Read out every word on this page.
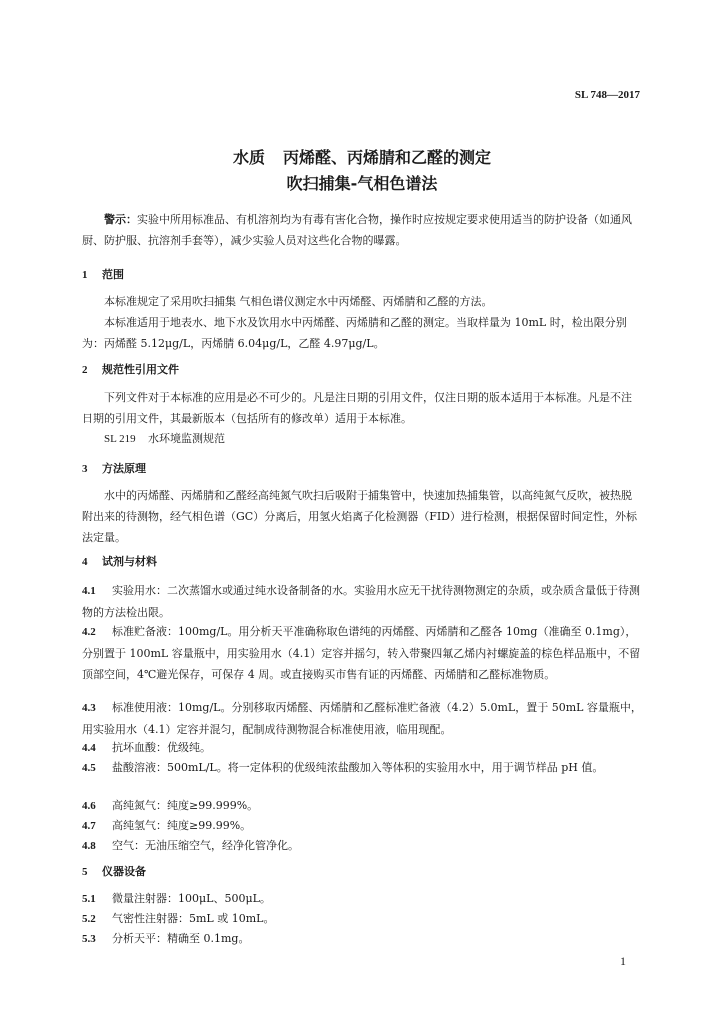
SL 748—2017
水质 丙烯醛、丙烯腈和乙醛的测定
吹扫捕集-气相色谱法
警示：实验中所用标准品、有机溶剂均为有毒有害化合物，操作时应按规定要求使用适当的防护设备（如通风厨、防护服、抗溶剂手套等），减少实验人员对这些化合物的曝露。
1 范围
本标准规定了采用吹扫捕集 气相色谱仪测定水中丙烯醛、丙烯腈和乙醛的方法。
本标准适用于地表水、地下水及饮用水中丙烯醛、丙烯腈和乙醛的测定。当取样量为 10mL 时，检出限分别为：丙烯醛 5.12μg/L，丙烯腈 6.04μg/L，乙醛 4.97μg/L。
2 规范性引用文件
下列文件对于本标准的应用是必不可少的。凡是注日期的引用文件，仅注日期的版本适用于本标准。凡是不注日期的引用文件，其最新版本（包括所有的修改单）适用于本标准。
SL 219 水环境监测规范
3 方法原理
水中的丙烯醛、丙烯腈和乙醛经高纯氮气吹扫后吸附于捕集管中，快速加热捕集管，以高纯氮气反吹，被热脱附出来的待测物，经气相色谱（GC）分离后，用氢火焰离子化检测器（FID）进行检测，根据保留时间定性，外标法定量。
4 试剂与材料
4.1 实验用水：二次蒸馏水或通过纯水设备制备的水。实验用水应无干扰待测物测定的杂质，或杂质含量低于待测物的方法检出限。
4.2 标准贮备液：100mg/L。用分析天平准确称取色谱纯的丙烯醛、丙烯腈和乙醛各 10mg（准确至 0.1mg），分别置于 100mL 容量瓶中，用实验用水（4.1）定容并摇匀，转入带聚四氟乙烯内衬螺旋盖的棕色样品瓶中，不留顶部空间，4℃避光保存，可保存 4 周。或直接购买市售有证的丙烯醛、丙烯腈和乙醛标准物质。
4.3 标准使用液：10mg/L。分别移取丙烯醛、丙烯腈和乙醛标准贮备液（4.2）5.0mL，置于 50mL 容量瓶中，用实验用水（4.1）定容并混匀，配制成待测物混合标准使用液，临用现配。
4.4 抗坏血酸：优级纯。
4.5 盐酸溶液：500mL/L。将一定体积的优级纯浓盐酸加入等体积的实验用水中，用于调节样品 pH 值。
4.6 高纯氮气：纯度≥99.999%。
4.7 高纯氢气：纯度≥99.99%。
4.8 空气：无油压缩空气，经净化管净化。
5 仪器设备
5.1 微量注射器：100μL、500μL。
5.2 气密性注射器：5mL 或 10mL。
5.3 分析天平：精确至 0.1mg。
1
